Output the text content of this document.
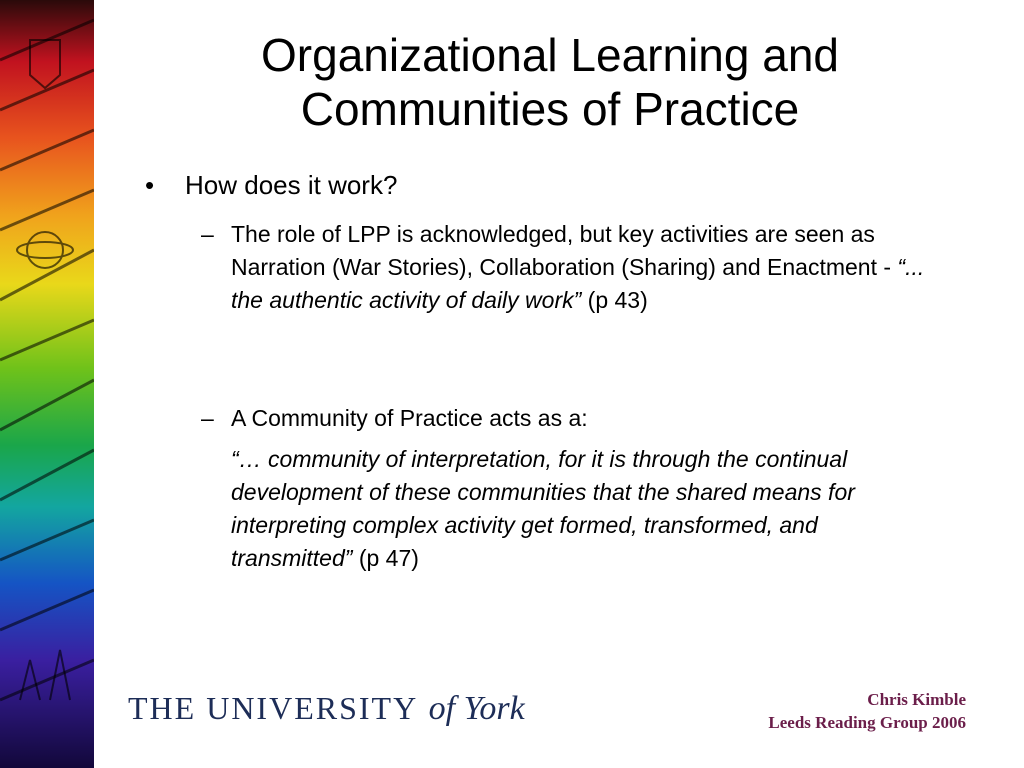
Organizational Learning and Communities of Practice
• How does it work?
– The role of LPP is acknowledged, but key activities are seen as Narration (War Stories), Collaboration (Sharing) and Enactment - “... the authentic activity of daily work” (p 43)
– A Community of Practice acts as a:
“… community of interpretation, for it is through the continual development of these communities that the shared means for interpreting complex activity get formed, transformed, and transmitted” (p 47)
THE UNIVERSITY of York	Chris Kimble
Leeds Reading Group 2006
